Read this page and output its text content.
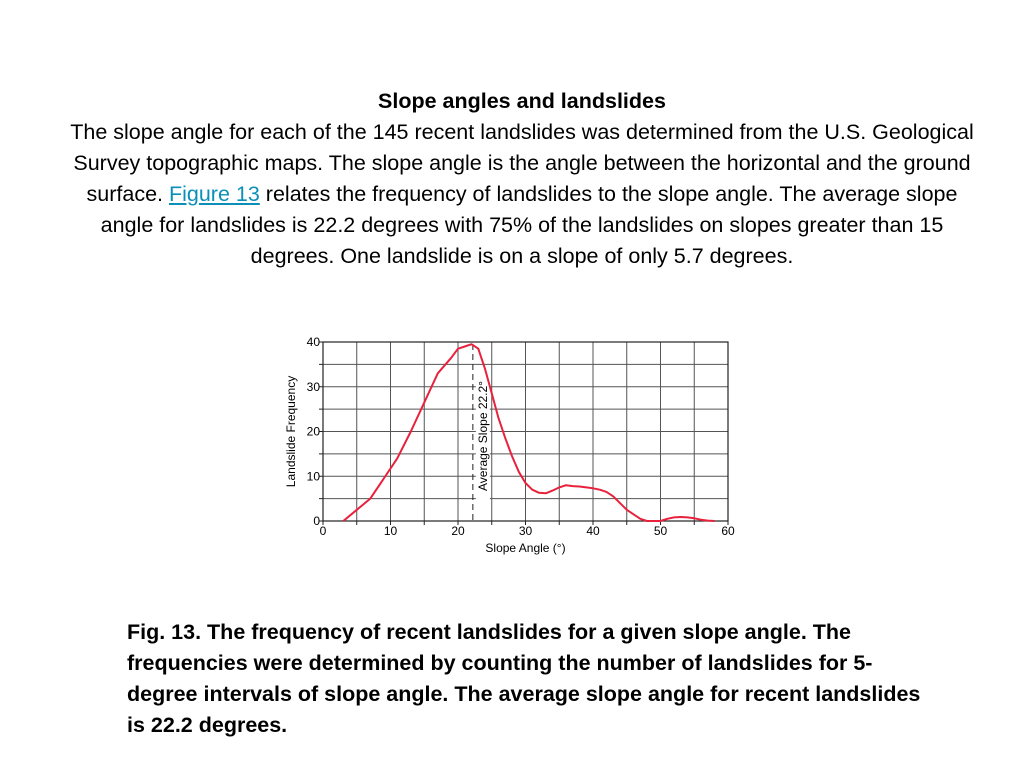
Slope angles and landslides
The slope angle for each of the 145 recent landslides was determined from the U.S. Geological Survey topographic maps. The slope angle is the angle between the horizontal and the ground surface. Figure 13 relates the frequency of landslides to the slope angle. The average slope angle for landslides is 22.2 degrees with 75% of the landslides on slopes greater than 15 degrees. One landslide is on a slope of only 5.7 degrees.
Average Slope 22.2°
0	10	20	30	40	50	60
0
10
20
30
40
Slope Angle (°)
Landslide Frequency
Fig. 13. The frequency of recent landslides for a given slope angle. The frequencies were determined by counting the number of landslides for 5-degree intervals of slope angle. The average slope angle for recent landslides is 22.2 degrees.
